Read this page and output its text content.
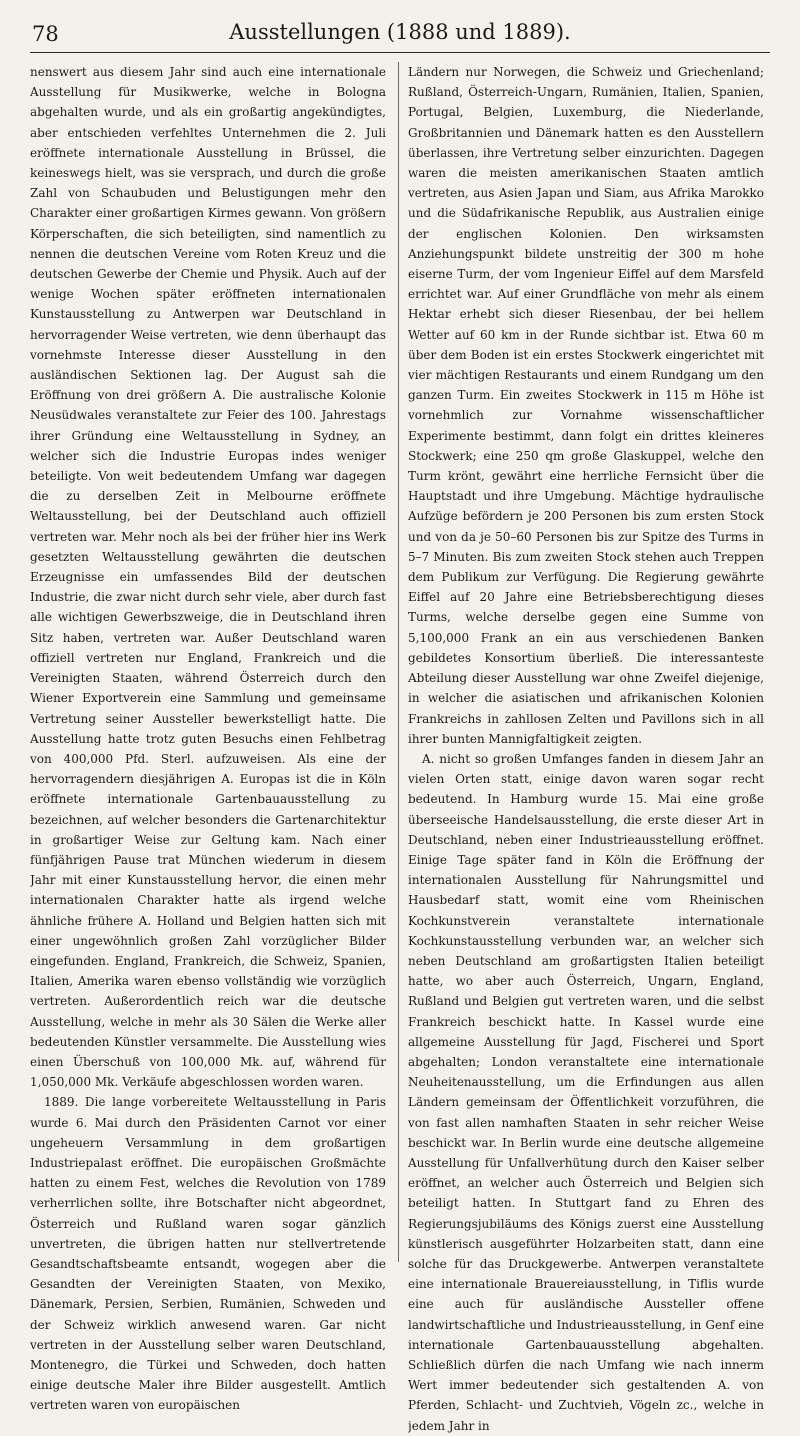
78	Ausstellungen (1888 und 1889).

nenswert aus diesem Jahr sind auch eine internationale Ausstellung für Musikwerke, welche in Bologna abgehalten wurde, und als ein großartig angekündigtes, aber entschieden verfehltes Unternehmen die 2. Juli eröffnete internationale Ausstellung in Brüssel, die keineswegs hielt, was sie versprach, und durch die große Zahl von Schaubuden und Belustigungen mehr den Charakter einer großartigen Kirmes gewann. Von größern Körperschaften, die sich beteiligten, sind namentlich zu nennen die deutschen Vereine vom Roten Kreuz und die deutschen Gewerbe der Chemie und Physik. Auch auf der wenige Wochen später eröffneten internationalen Kunstausstellung zu Antwerpen war Deutschland in hervorragender Weise vertreten, wie denn überhaupt das vornehmste Interesse dieser Ausstellung in den ausländischen Sektionen lag. Der August sah die Eröffnung von drei größern A. Die australische Kolonie Neusüdwales veranstaltete zur Feier des 100. Jahrestags ihrer Gründung eine Weltausstellung in Sydney, an welcher sich die Industrie Europas indes weniger beteiligte. Von weit bedeutendem Umfang war dagegen die zu derselben Zeit in Melbourne eröffnete Weltausstellung, bei der Deutschland auch offiziell vertreten war. Mehr noch als bei der früher hier ins Werk gesetzten Weltausstellung gewährten die deutschen Erzeugnisse ein umfassendes Bild der deutschen Industrie, die zwar nicht durch sehr viele, aber durch fast alle wichtigen Gewerbszweige, die in Deutschland ihren Sitz haben, vertreten war. Außer Deutschland waren offiziell vertreten nur England, Frankreich und die Vereinigten Staaten, während Österreich durch den Wiener Exportverein eine Sammlung und gemeinsame Vertretung seiner Aussteller bewerkstelligt hatte. Die Ausstellung hatte trotz guten Besuchs einen Fehlbetrag von 400,000 Pfd. Sterl. aufzuweisen. Als eine der hervorragendern diesjährigen A. Europas ist die in Köln eröffnete internationale Gartenbauausstellung zu bezeichnen, auf welcher besonders die Gartenarchitektur in großartiger Weise zur Geltung kam. Nach einer fünfjährigen Pause trat München wiederum in diesem Jahr mit einer Kunstausstellung hervor, die einen mehr internationalen Charakter hatte als irgend welche ähnliche frühere A. Holland und Belgien hatten sich mit einer ungewöhnlich großen Zahl vorzüglicher Bilder eingefunden. England, Frankreich, die Schweiz, Spanien, Italien, Amerika waren ebenso vollständig wie vorzüglich vertreten. Außerordentlich reich war die deutsche Ausstellung, welche in mehr als 30 Sälen die Werke aller bedeutenden Künstler versammelte. Die Ausstellung wies einen Überschuß von 100,000 Mk. auf, während für 1,050,000 Mk. Verkäufe abgeschlossen worden waren.

1889. Die lange vorbereitete Weltausstellung in Paris wurde 6. Mai durch den Präsidenten Carnot vor einer ungeheuern Versammlung in dem großartigen Industriepalast eröffnet. Die europäischen Großmächte hatten zu einem Fest, welches die Revolution von 1789 verherrlichen sollte, ihre Botschafter nicht abgeordnet, Österreich und Rußland waren sogar gänzlich unvertreten, die übrigen hatten nur stellvertretende Gesandtschaftsbeamte entsandt, wogegen aber die Gesandten der Vereinigten Staaten, von Mexiko, Dänemark, Persien, Serbien, Rumänien, Schweden und der Schweiz wirklich anwesend waren. Gar nicht vertreten in der Ausstellung selber waren Deutschland, Montenegro, die Türkei und Schweden, doch hatten einige deutsche Maler ihre Bilder ausgestellt. Amtlich vertreten waren von europäischen

Ländern nur Norwegen, die Schweiz und Griechenland; Rußland, Österreich-Ungarn, Rumänien, Italien, Spanien, Portugal, Belgien, Luxemburg, die Niederlande, Großbritannien und Dänemark hatten es den Ausstellern überlassen, ihre Vertretung selber einzurichten. Dagegen waren die meisten amerikanischen Staaten amtlich vertreten, aus Asien Japan und Siam, aus Afrika Marokko und die Südafrikanische Republik, aus Australien einige der englischen Kolonien. Den wirksamsten Anziehungspunkt bildete unstreitig der 300 m hohe eiserne Turm, der vom Ingenieur Eiffel auf dem Marsfeld errichtet war. Auf einer Grundfläche von mehr als einem Hektar erhebt sich dieser Riesenbau, der bei hellem Wetter auf 60 km in der Runde sichtbar ist. Etwa 60 m über dem Boden ist ein erstes Stockwerk eingerichtet mit vier mächtigen Restaurants und einem Rundgang um den ganzen Turm. Ein zweites Stockwerk in 115 m Höhe ist vornehmlich zur Vornahme wissenschaftlicher Experimente bestimmt, dann folgt ein drittes kleineres Stockwerk; eine 250 qm große Glaskuppel, welche den Turm krönt, gewährt eine herrliche Fernsicht über die Hauptstadt und ihre Umgebung. Mächtige hydraulische Aufzüge befördern je 200 Personen bis zum ersten Stock und von da je 50–60 Personen bis zur Spitze des Turms in 5–7 Minuten. Bis zum zweiten Stock stehen auch Treppen dem Publikum zur Verfügung. Die Regierung gewährte Eiffel auf 20 Jahre eine Betriebsberechtigung dieses Turms, welche derselbe gegen eine Summe von 5,100,000 Frank an ein aus verschiedenen Banken gebildetes Konsortium überließ. Die interessanteste Abteilung dieser Ausstellung war ohne Zweifel diejenige, in welcher die asiatischen und afrikanischen Kolonien Frankreichs in zahllosen Zelten und Pavillons sich in all ihrer bunten Mannigfaltigkeit zeigten.

A. nicht so großen Umfanges fanden in diesem Jahr an vielen Orten statt, einige davon waren sogar recht bedeutend. In Hamburg wurde 15. Mai eine große überseeische Handelsausstellung, die erste dieser Art in Deutschland, neben einer Industrieausstellung eröffnet. Einige Tage später fand in Köln die Eröffnung der internationalen Ausstellung für Nahrungsmittel und Hausbedarf statt, womit eine vom Rheinischen Kochkunstverein veranstaltete internationale Kochkunstausstellung verbunden war, an welcher sich neben Deutschland am großartigsten Italien beteiligt hatte, wo aber auch Österreich, Ungarn, England, Rußland und Belgien gut vertreten waren, und die selbst Frankreich beschickt hatte. In Kassel wurde eine allgemeine Ausstellung für Jagd, Fischerei und Sport abgehalten; London veranstaltete eine internationale Neuheitenausstellung, um die Erfindungen aus allen Ländern gemeinsam der Öffentlichkeit vorzuführen, die von fast allen namhaften Staaten in sehr reicher Weise beschickt war. In Berlin wurde eine deutsche allgemeine Ausstellung für Unfallverhütung durch den Kaiser selber eröffnet, an welcher auch Österreich und Belgien sich beteiligt hatten. In Stuttgart fand zu Ehren des Regierungsjubiläums des Königs zuerst eine Ausstellung künstlerisch ausgeführter Holzarbeiten statt, dann eine solche für das Druckgewerbe. Antwerpen veranstaltete eine internationale Brauereiausstellung, in Tiflis wurde eine auch für ausländische Aussteller offene landwirtschaftliche und Industrieausstellung, in Genf eine internationale Gartenbauausstellung abgehalten. Schließlich dürfen die nach Umfang wie nach innerm Wert immer bedeutender sich gestaltenden A. von Pferden, Schlacht- und Zuchtvieh, Vögeln zc., welche in jedem Jahr in
